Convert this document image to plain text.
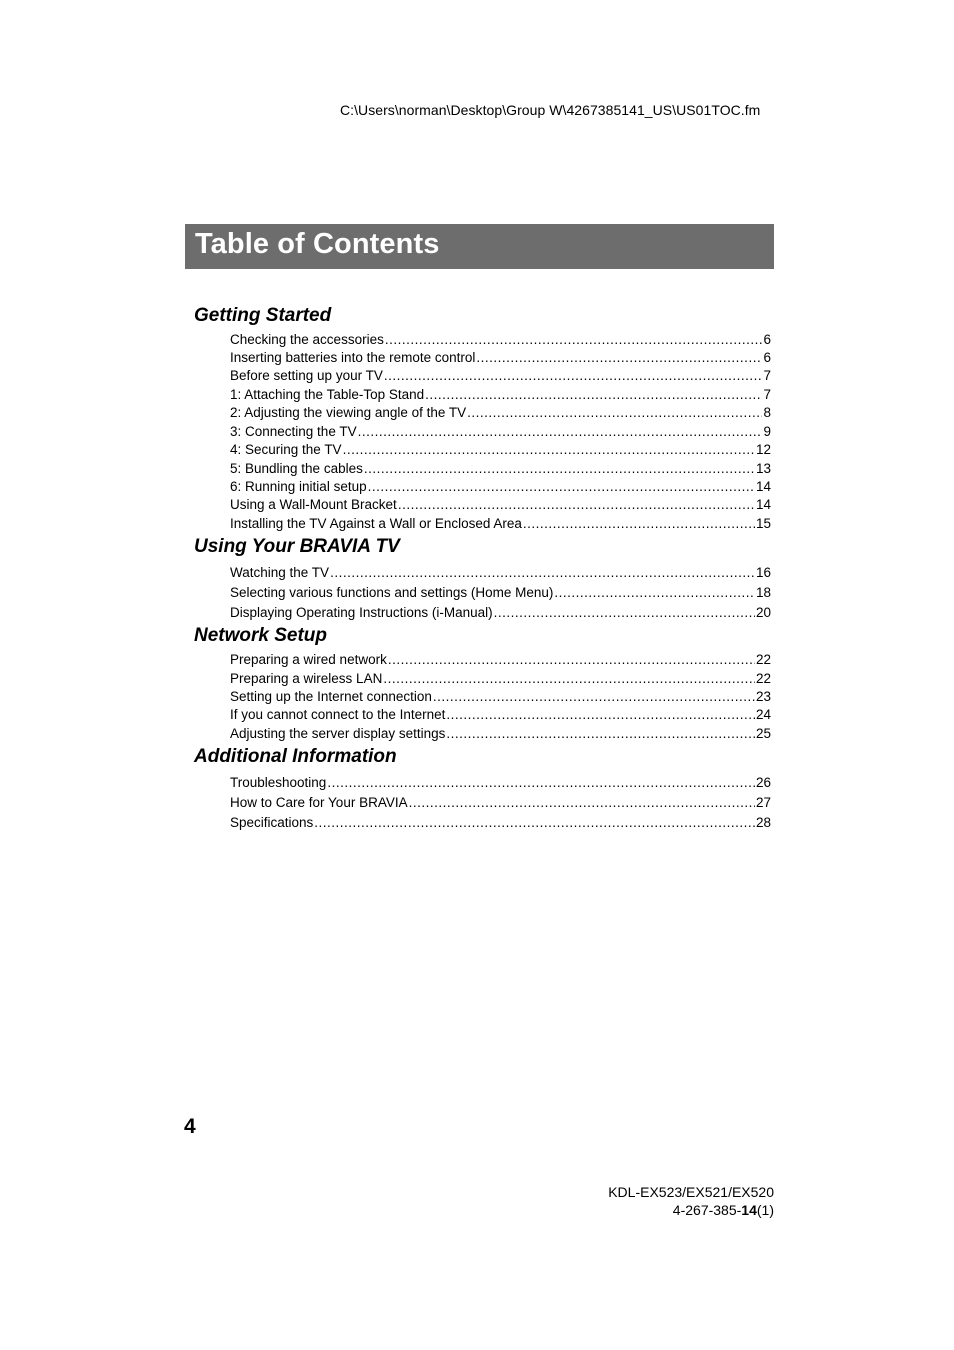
C:\Users\norman\Desktop\Group W\4267385141_US\US01TOC.fm
Table of Contents
Getting Started
Checking the accessories .....	6
Inserting batteries into the remote control .....	6
Before setting up your TV .....	7
1: Attaching the Table-Top Stand .....	7
2: Adjusting the viewing angle of the TV .....	8
3: Connecting the TV .....	9
4: Securing the TV .....	12
5: Bundling the cables .....	13
6: Running initial setup .....	14
Using a Wall-Mount Bracket .....	14
Installing the TV Against a Wall or Enclosed Area .....	15
Using Your BRAVIA TV
Watching the TV .....	16
Selecting various functions and settings (Home Menu) .....	18
Displaying Operating Instructions (i-Manual) .....	20
Network Setup
Preparing a wired network .....	22
Preparing a wireless LAN .....	22
Setting up the Internet connection .....	23
If you cannot connect to the Internet .....	24
Adjusting the server display settings .....	25
Additional Information
Troubleshooting .....	26
How to Care for Your BRAVIA .....	27
Specifications .....	28
4
KDL-EX523/EX521/EX520
4-267-385-14(1)
